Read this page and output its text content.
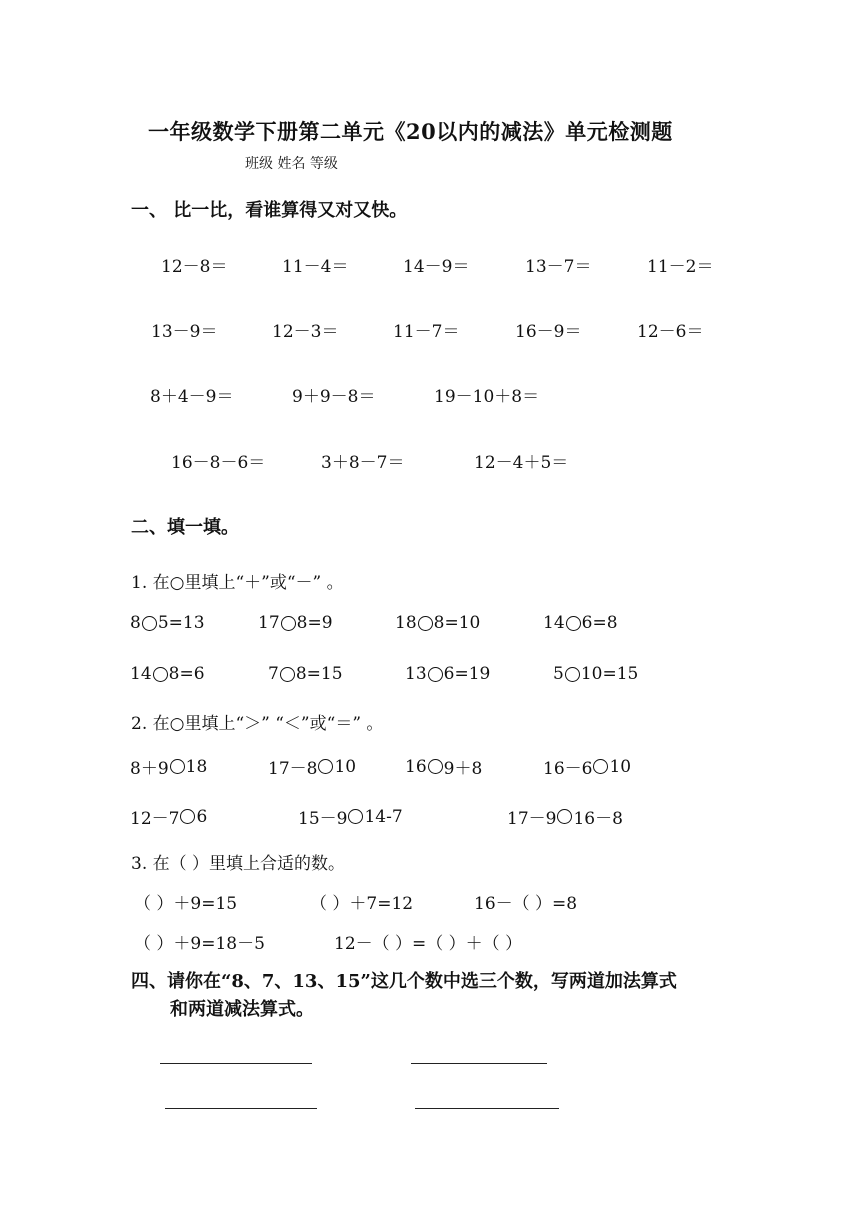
一年级数学下册第二单元《20以内的减法》单元检测题
班级 姓名 等级
一、 比一比，看谁算得又对又快。
12－8＝	11－4＝	14－9＝	13－7＝	11－2＝
13－9＝	12－3＝	11－7＝	16－9＝	12－6＝
8＋4－9＝	9＋9－8＝	19－10＋8＝
16－8－6＝	3＋8－7＝	12－4＋5＝
二、填一填。
1. 在○里填上“＋”或“－” 。
8 5=13	17 8=9	18 8=10	14 6=8
14 8=6	7 8=15	13 6=19	5 10=15
2. 在○里填上“＞” “＜”或“＝” 。
8＋9 18	17－8 10	16 9＋8	16－6 10
12－7 6	15－9 14-7	17－9 16－8
3. 在（ ）里填上合适的数。
（ ）＋9=15	（ ）＋7=12	16－（ ）=8
（ ）＋9=18－5	12－（ ）=（ ）＋（ ）
四、请你在“8、7、13、15”这几个数中选三个数，写两道加法算式
和两道减法算式。
